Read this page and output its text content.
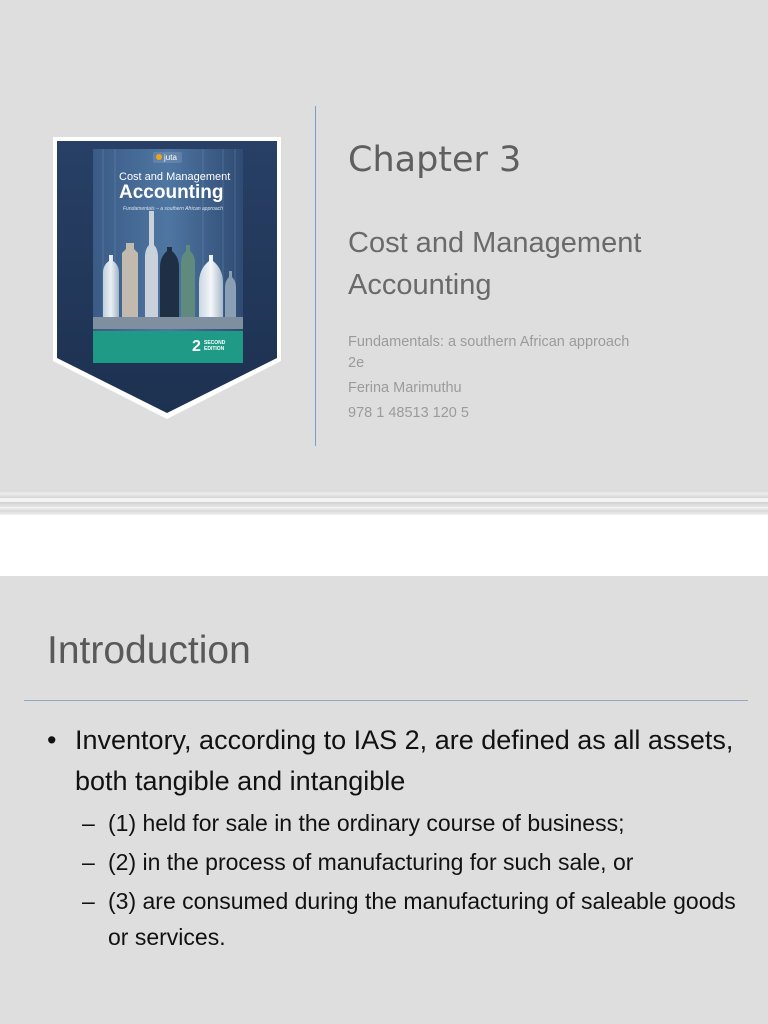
juta
Cost and Management
Accounting
Fundamentals – a southern African approach
2 SECOND
EDITION
Chapter 3
Cost and Management
Accounting
Fundamentals: a southern African approach
2e
Ferina Marimuthu
978 1 48513 120 5
Introduction
• Inventory, according to IAS 2, are defined as all assets, both tangible and intangible
– (1) held for sale in the ordinary course of business;
– (2) in the process of manufacturing for such sale, or
– (3) are consumed during the manufacturing of saleable goods or services.
